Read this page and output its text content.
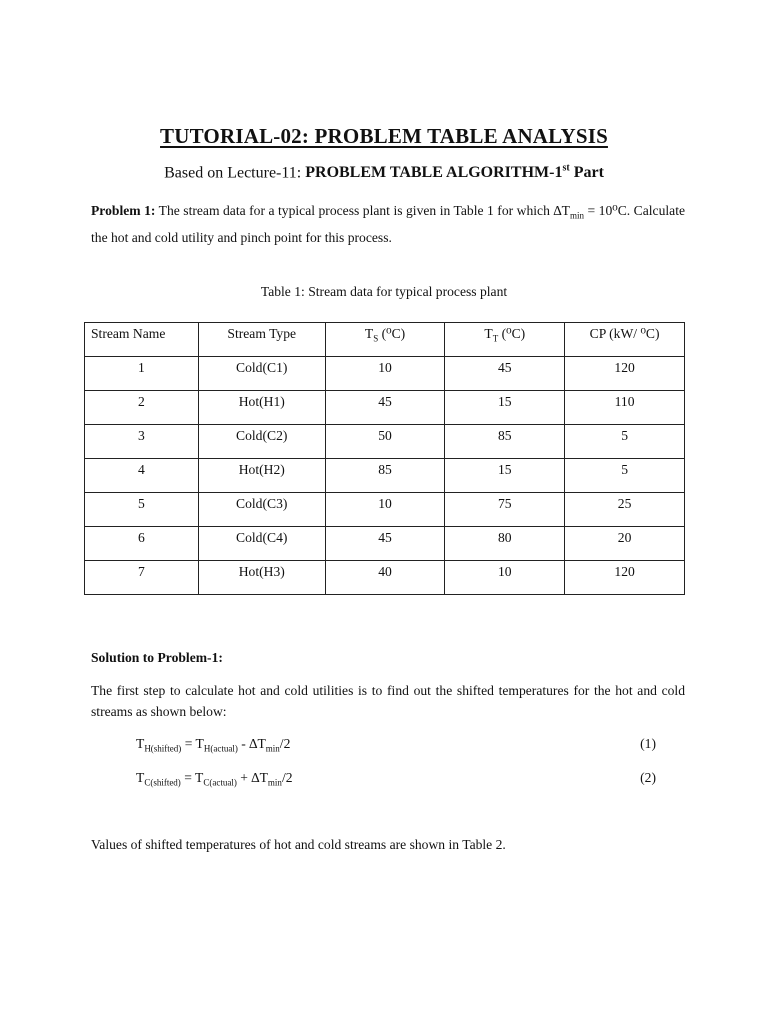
TUTORIAL-02: PROBLEM TABLE ANALYSIS
Based on Lecture-11: PROBLEM TABLE ALGORITHM-1st Part
Problem 1: The stream data for a typical process plant is given in Table 1 for which $\Delta T_{min} = 10^0C$. Calculate the hot and cold utility and pinch point for this process.
Table 1: Stream data for typical process plant
Stream Name	Stream Type	$T_S$ (⁰C)	$T_T$ (⁰C)	CP (kW/ ⁰C)
1	Cold(C1)	10	45	120
2	Hot(H1)	45	15	110
3	Cold(C2)	50	85	5
4	Hot(H2)	85	15	5
5	Cold(C3)	10	75	25
6	Cold(C4)	45	80	20
7	Hot(H3)	40	10	120
Solution to Problem-1:
The first step to calculate hot and cold utilities is to find out the shifted temperatures for the hot and cold streams as shown below:
$T_{H(shifted)} = T_{H(actual)} - \Delta T_{min}/2$	(1)
$T_{C(shifted)} = T_{C(actual)} + \Delta T_{min}/2$	(2)
Values of shifted temperatures of hot and cold streams are shown in Table 2.
